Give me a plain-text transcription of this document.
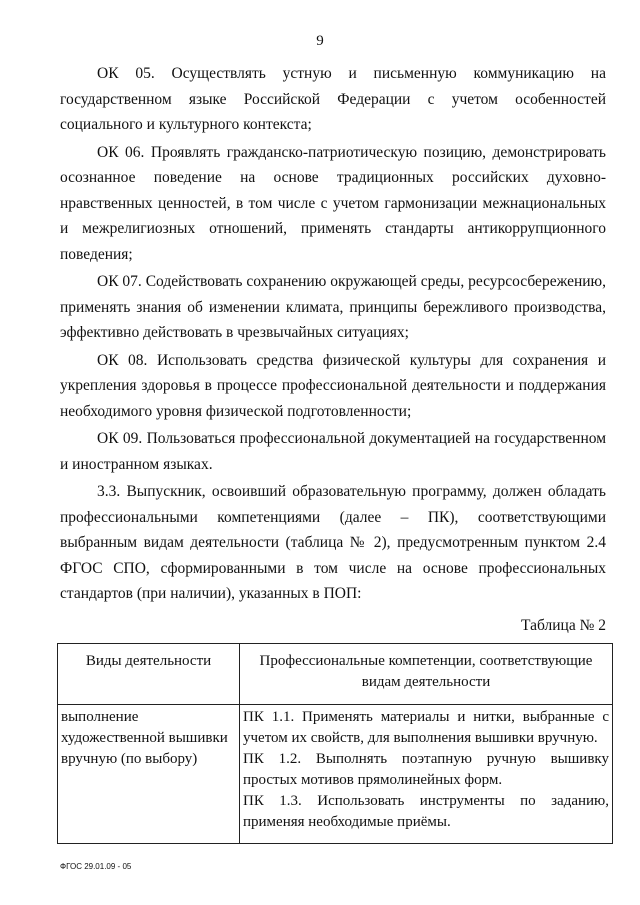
9

ОК 05. Осуществлять устную и письменную коммуникацию на государственном языке Российской Федерации с учетом особенностей социального и культурного контекста;

ОК 06. Проявлять гражданско-патриотическую позицию, демонстрировать осознанное поведение на основе традиционных российских духовно-нравственных ценностей, в том числе с учетом гармонизации межнациональных и межрелигиозных отношений, применять стандарты антикоррупционного поведения;

ОК 07. Содействовать сохранению окружающей среды, ресурсосбережению, применять знания об изменении климата, принципы бережливого производства, эффективно действовать в чрезвычайных ситуациях;

ОК 08. Использовать средства физической культуры для сохранения и укрепления здоровья в процессе профессиональной деятельности и поддержания необходимого уровня физической подготовленности;

ОК 09. Пользоваться профессиональной документацией на государственном и иностранном языках.

3.3. Выпускник, освоивший образовательную программу, должен обладать профессиональными компетенциями (далее – ПК), соответствующими выбранным видам деятельности (таблица № 2), предусмотренным пунктом 2.4 ФГОС СПО, сформированными в том числе на основе профессиональных стандартов (при наличии), указанных в ПОП:

Таблица № 2

Виды деятельности	Профессиональные компетенции, соответствующие видам деятельности
выполнение художественной вышивки вручную (по выбору)	ПК 1.1. Применять материалы и нитки, выбранные с учетом их свойств, для выполнения вышивки вручную.
ПК 1.2. Выполнять поэтапную ручную вышивку простых мотивов прямолинейных форм.
ПК 1.3. Использовать инструменты по заданию, применяя необходимые приёмы.
ФГОС 29.01.09 - 05
